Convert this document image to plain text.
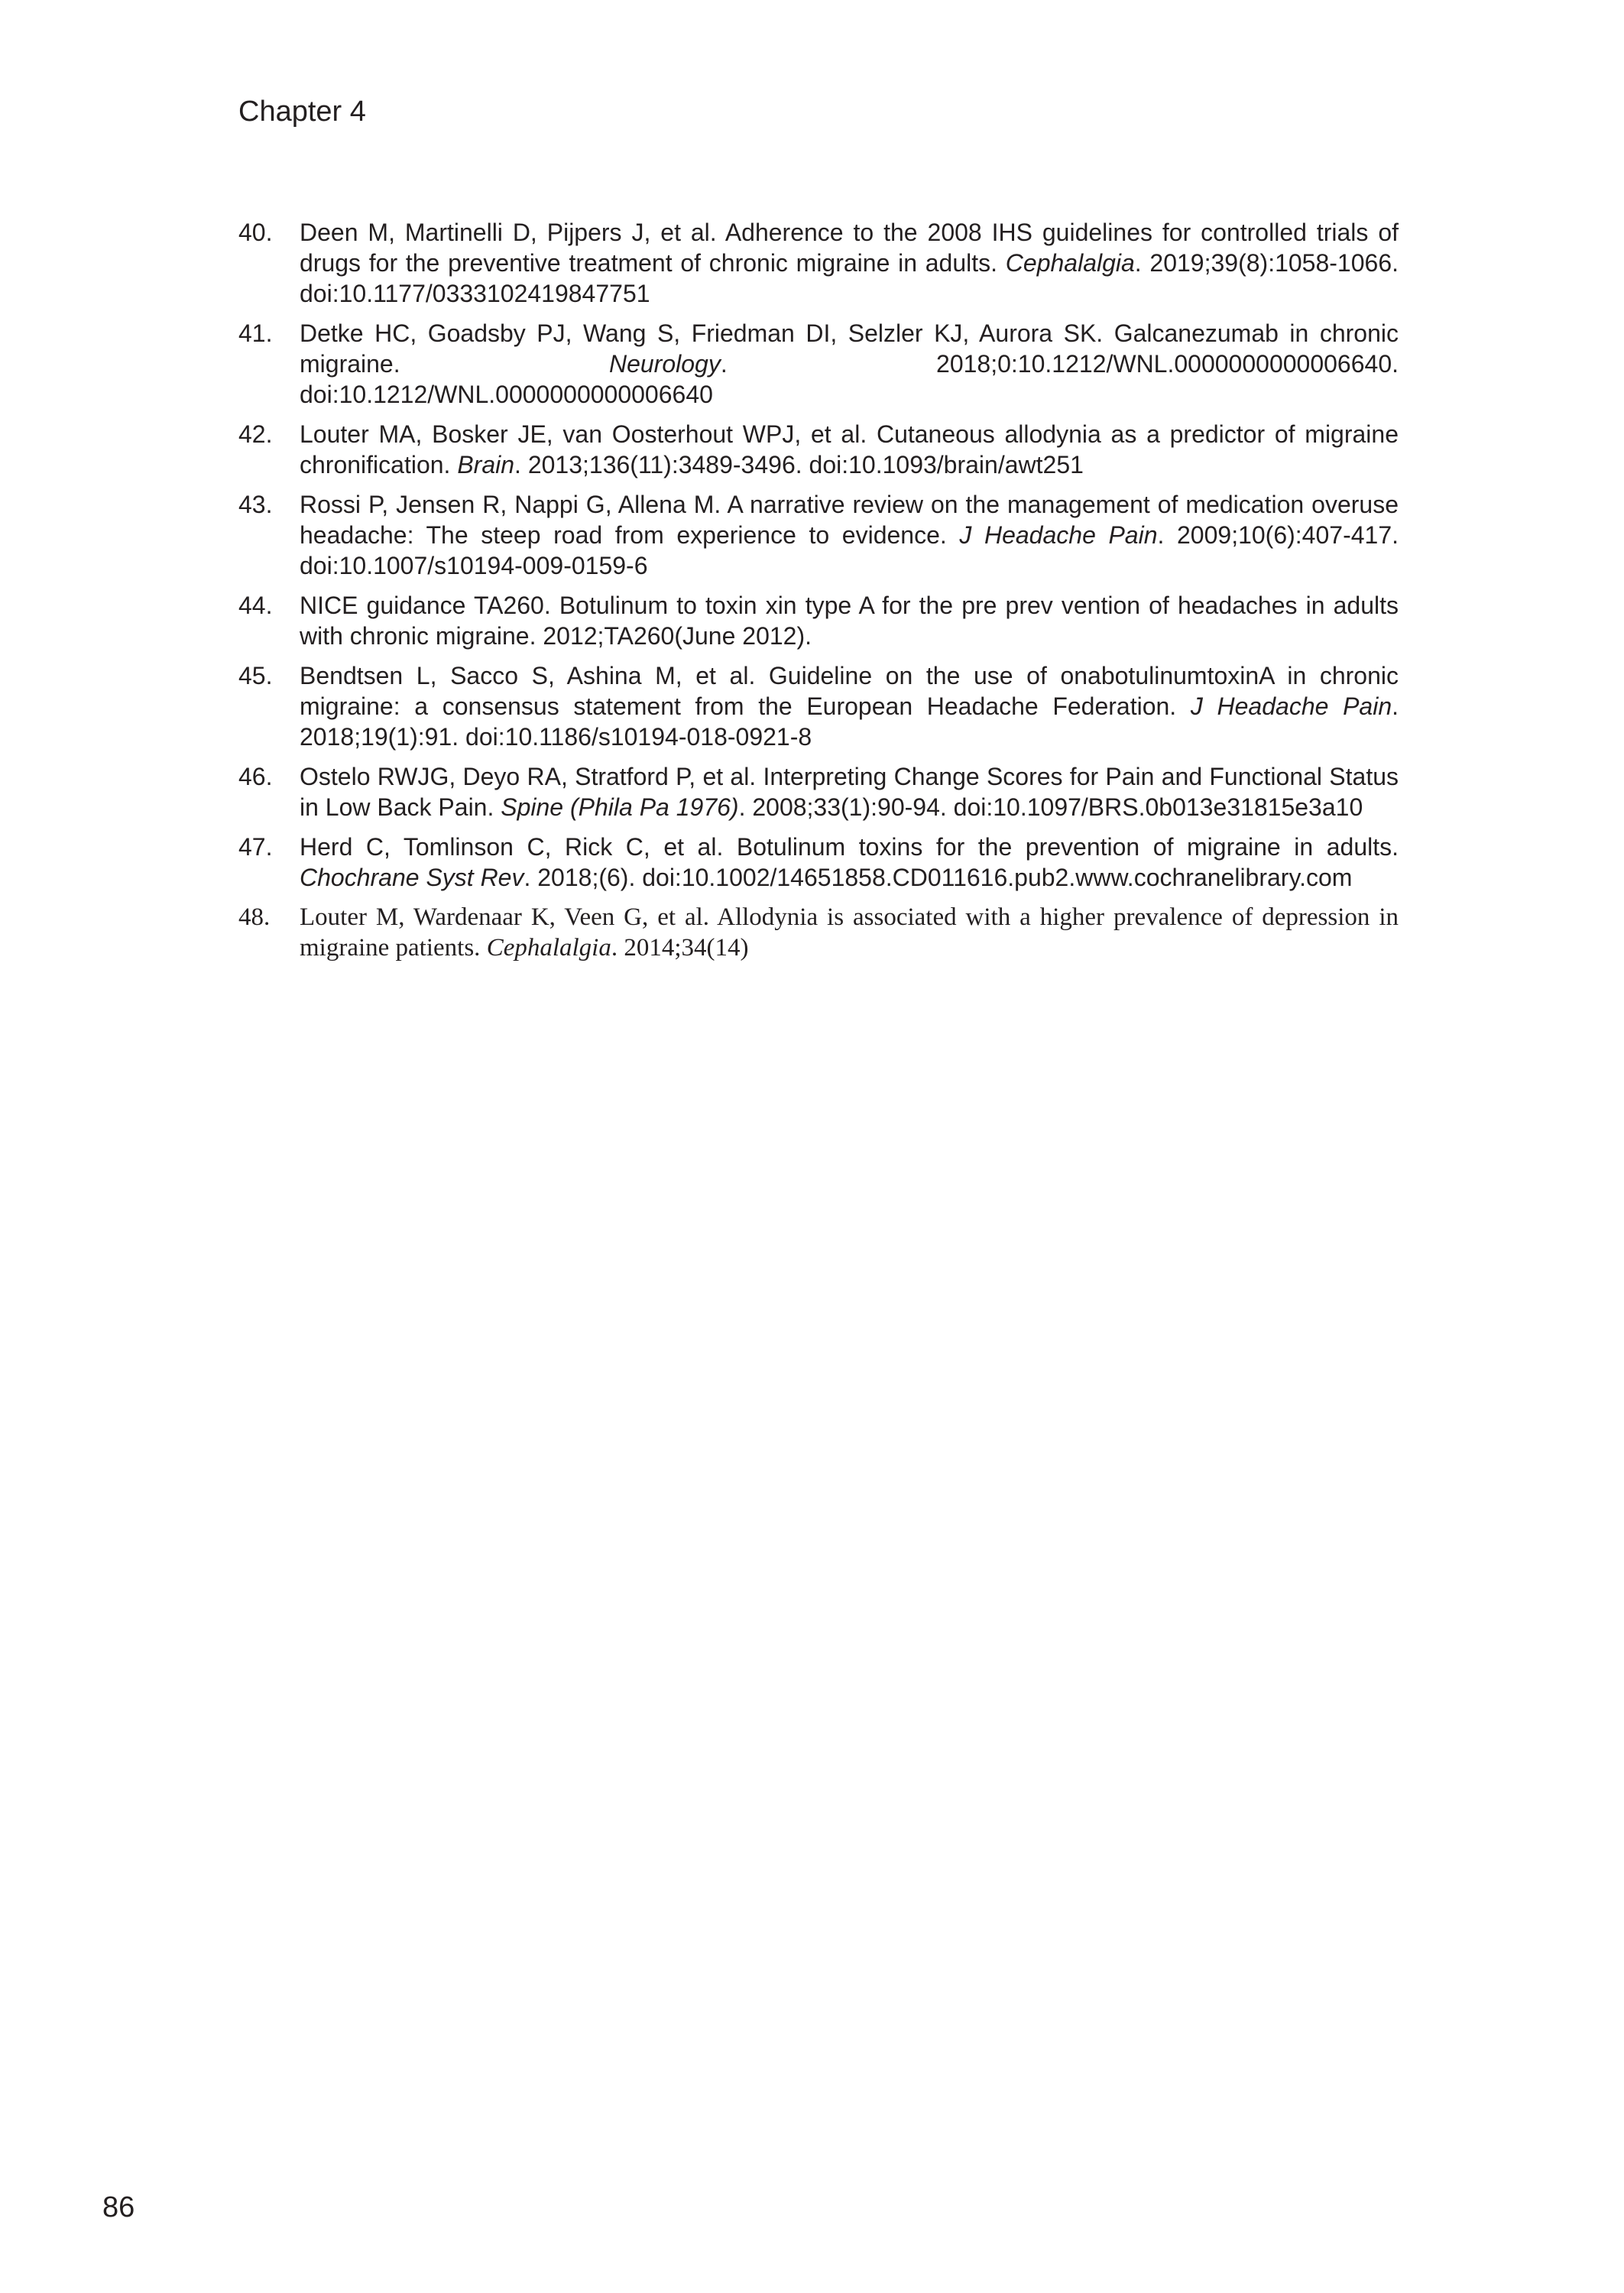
Chapter 4
40. Deen M, Martinelli D, Pijpers J, et al. Adherence to the 2008 IHS guidelines for controlled trials of drugs for the preventive treatment of chronic migraine in adults. Cephalalgia. 2019;39(8):1058-1066. doi:10.1177/0333102419847751
41. Detke HC, Goadsby PJ, Wang S, Friedman DI, Selzler KJ, Aurora SK. Galcanezumab in chronic migraine. Neurology. 2018;0:10.1212/WNL.0000000000006640. doi:10.1212/WNL.0000000000006640
42. Louter MA, Bosker JE, van Oosterhout WPJ, et al. Cutaneous allodynia as a predictor of migraine chronification. Brain. 2013;136(11):3489-3496. doi:10.1093/brain/awt251
43. Rossi P, Jensen R, Nappi G, Allena M. A narrative review on the management of medication overuse headache: The steep road from experience to evidence. J Headache Pain. 2009;10(6):407-417. doi:10.1007/s10194-009-0159-6
44. NICE guidance TA260. Botulinum to toxin xin type A for the pre prev vention of headaches in adults with chronic migraine. 2012;TA260(June 2012).
45. Bendtsen L, Sacco S, Ashina M, et al. Guideline on the use of onabotulinumtoxinA in chronic migraine: a consensus statement from the European Headache Federation. J Headache Pain. 2018;19(1):91. doi:10.1186/s10194-018-0921-8
46. Ostelo RWJG, Deyo RA, Stratford P, et al. Interpreting Change Scores for Pain and Functional Status in Low Back Pain. Spine (Phila Pa 1976). 2008;33(1):90-94. doi:10.1097/BRS.0b013e31815e3a10
47. Herd C, Tomlinson C, Rick C, et al. Botulinum toxins for the prevention of migraine in adults. Chochrane Syst Rev. 2018;(6). doi:10.1002/14651858.CD011616.pub2.www.cochranelibrary.com
48. Louter M, Wardenaar K, Veen G, et al. Allodynia is associated with a higher prevalence of depression in migraine patients. Cephalalgia. 2014;34(14)
86
